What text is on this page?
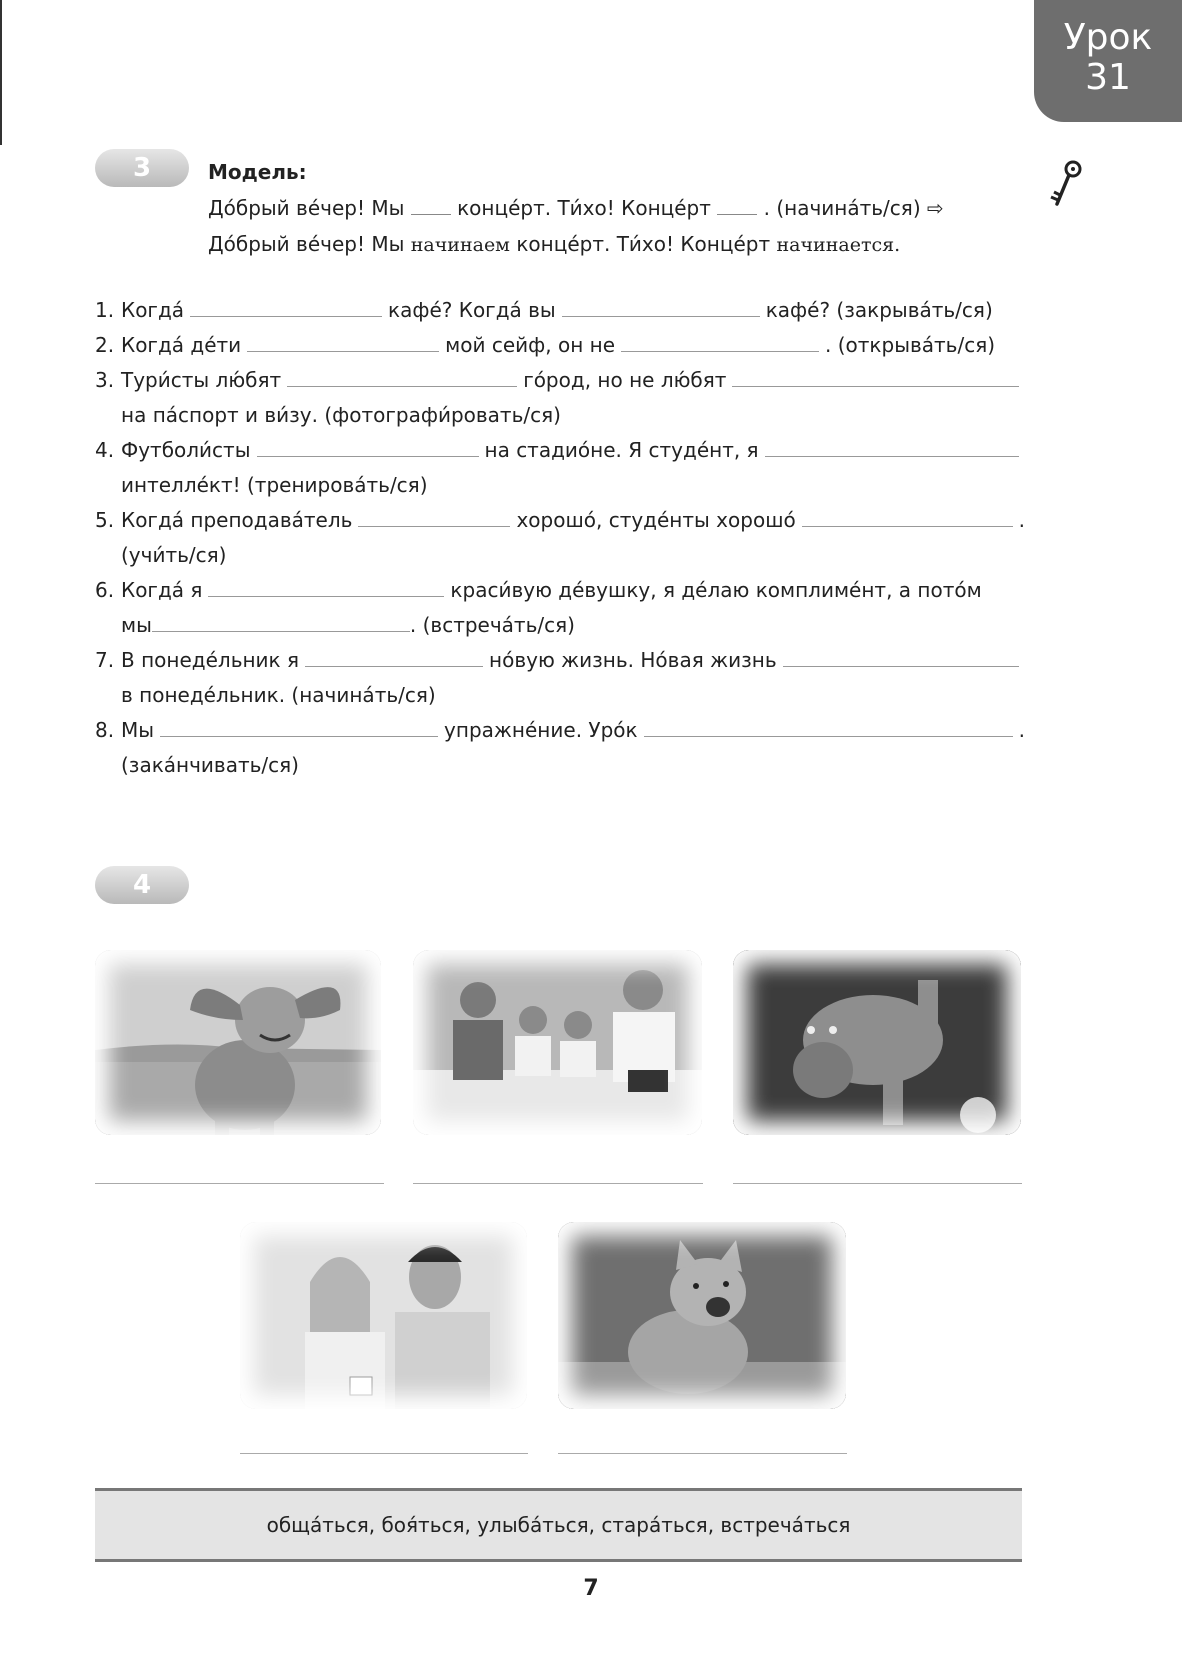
Урок
31
3	Модель:
До́брый ве́чер! Мы	конце́рт. Ти́хо! Конце́рт	. (начина́ть/ся) ⇨
До́брый ве́чер! Мы начинаем конце́рт. Ти́хо! Конце́рт начинается.
1. Когда́	кафе́? Когда́ вы	кафе́? (закрыва́ть/ся)
2. Когда́ де́ти	мой сейф, он не	. (открыва́ть/ся)
3. Тури́сты лю́бят	го́род, но не лю́бят
на па́спорт и ви́зу. (фотографи́ровать/ся)
4. Футболи́сты	на стадио́не. Я студе́нт, я
интелле́кт! (тренирова́ть/ся)
5. Когда́ преподава́тель	хорошо́, студе́нты хорошо́	.
(учи́ть/ся)
6. Когда́ я	краси́вую де́вушку, я де́лаю комплиме́нт, а пото́м
мы	. (встреча́ть/ся)
7. В понеде́льник я	но́вую жизнь. Но́вая жизнь
в понеде́льник. (начина́ть/ся)
8. Мы	упражне́ние. Уро́к	.
(зака́нчивать/ся)
4
обща́ться, боя́ться, улыба́ться, стара́ться, встреча́ться
7
